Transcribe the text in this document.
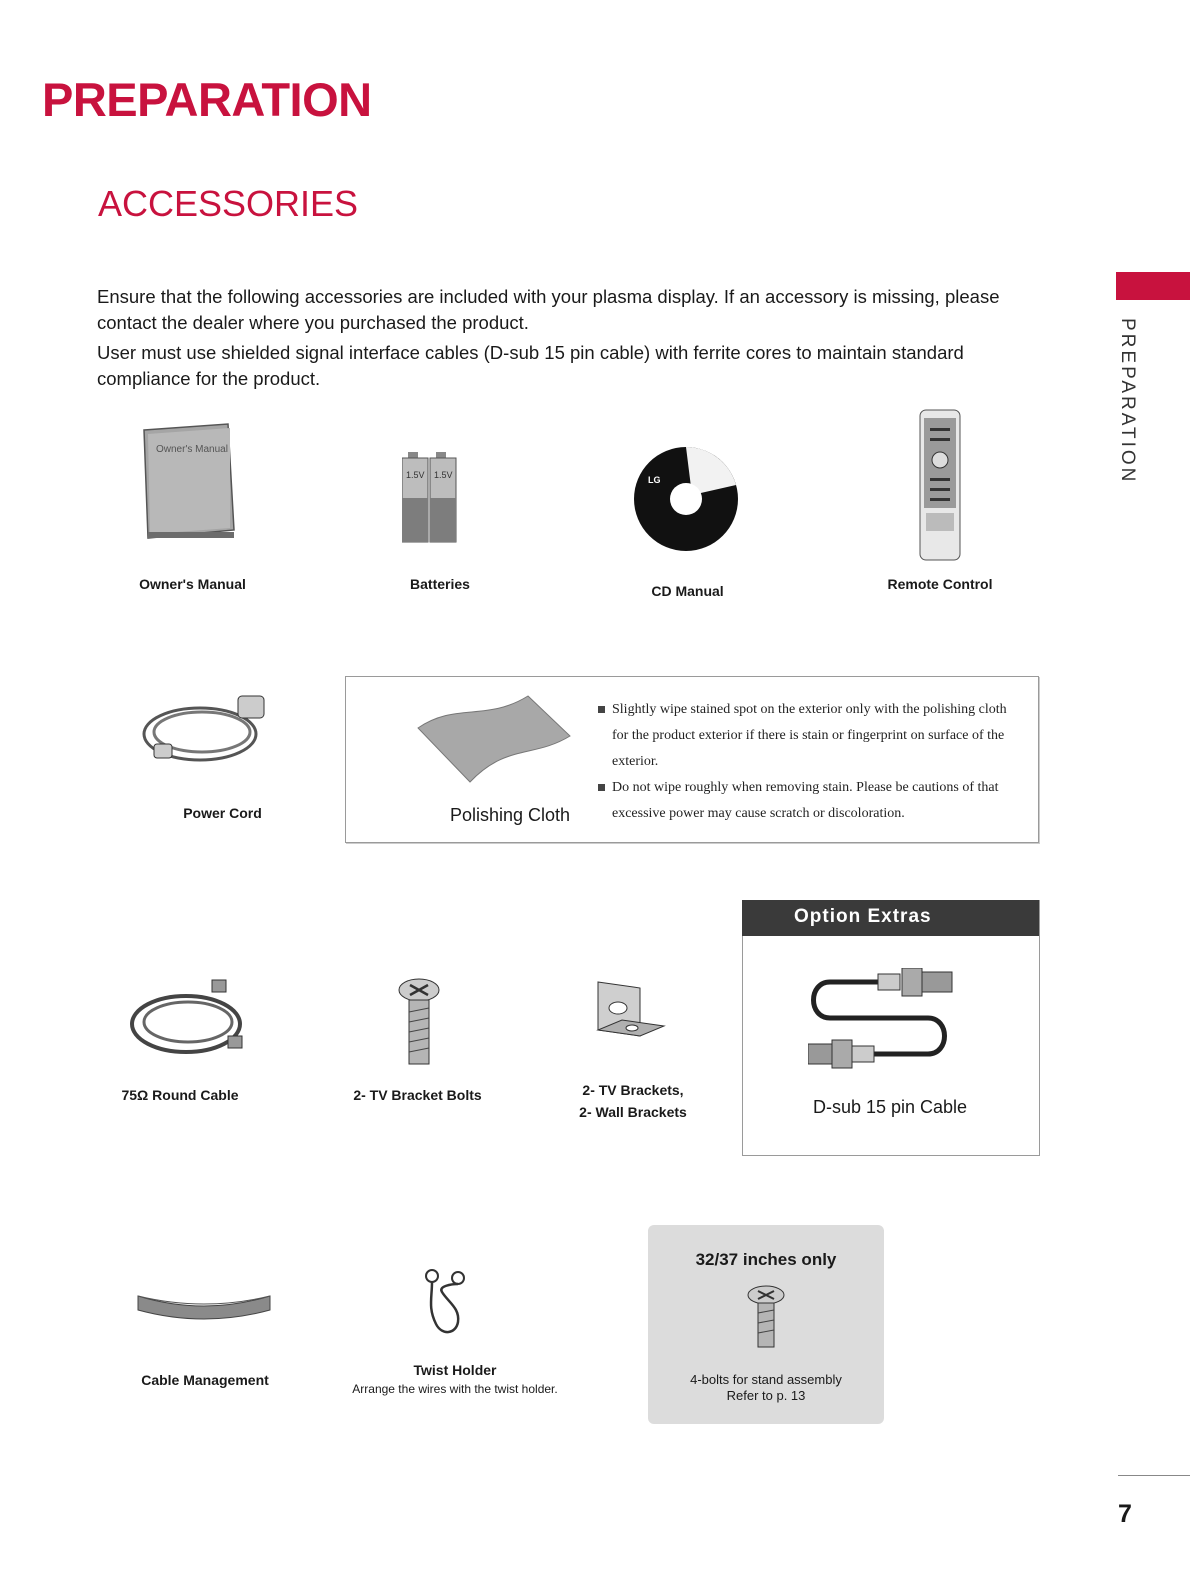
PREPARATION
ACCESSORIES
PREPARATION
Ensure that the following accessories are included with your plasma display. If an accessory is missing, please contact the dealer where you purchased the product.
User must use shielded signal interface cables (D-sub 15 pin cable) with ferrite cores to maintain standard compliance for the product.
Owner's Manual
Owner's Manual
1.5V 1.5V
Batteries
LG
CD Manual	Remote Control
Power Cord	Polishing Cloth
Slightly wipe stained spot on the exterior only with the polishing cloth for the product exterior if there is stain or fingerprint on surface of the exterior.
Do not wipe roughly when removing stain. Please be cautions of that excessive power may cause scratch or discoloration.
75Ω Round Cable	2- TV Bracket Bolts	2- TV Brackets,
2- Wall Brackets
Option Extras
D-sub 15 pin Cable
Cable Management
Twist Holder
Arrange the wires with the twist holder.
32/37 inches only
4-bolts for stand assembly
Refer to p. 13
7
